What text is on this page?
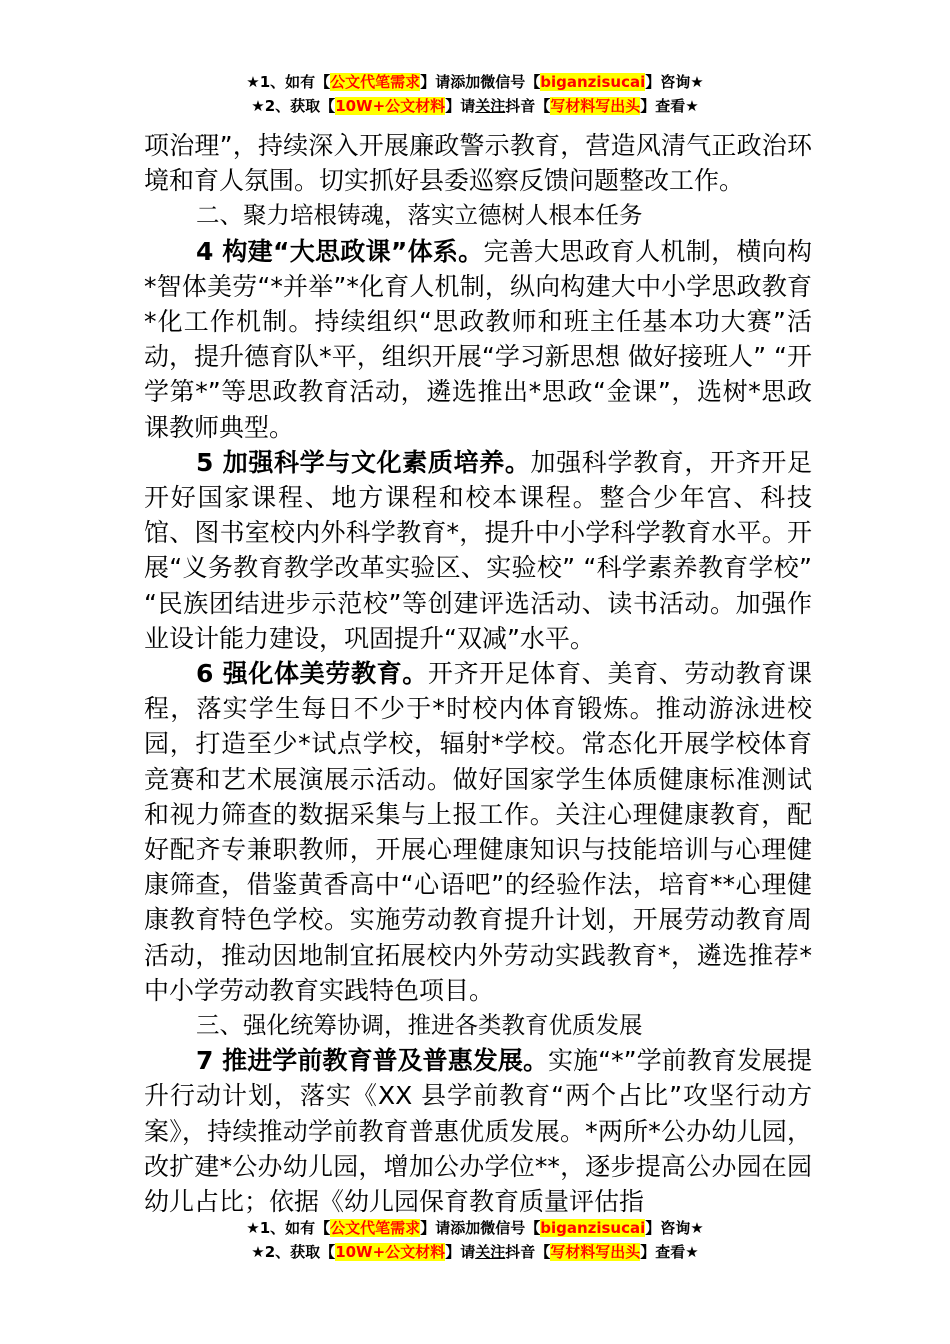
★1、如有【公文代笔需求】请添加微信号【biganzisucai】咨询★
★2、获取【10W+公文材料】请关注抖音【写材料写出头】查看★

项治理”，持续深入开展廉政警示教育，营造风清气正政治环境和育人氛围。切实抓好县委巡察反馈问题整改工作。

二、聚力培根铸魂，落实立德树人根本任务

4 构建“大思政课”体系。完善大思政育人机制，横向构*智体美劳“*并举”*化育人机制，纵向构建大中小学思政教育*化工作机制。持续组织“思政教师和班主任基本功大赛”活动，提升德育队*平，组织开展“学习新思想 做好接班人” “开学第*”等思政教育活动，遴选推出*思政“金课”，选树*思政课教师典型。

5 加强科学与文化素质培养。加强科学教育，开齐开足开好国家课程、地方课程和校本课程。整合少年宫、科技馆、图书室校内外科学教育*，提升中小学科学教育水平。开展“义务教育教学改革实验区、实验校” “科学素养教育学校” “民族团结进步示范校”等创建评选活动、读书活动。加强作业设计能力建设，巩固提升“双减”水平。

6 强化体美劳教育。开齐开足体育、美育、劳动教育课程，落实学生每日不少于*时校内体育锻炼。推动游泳进校园，打造至少*试点学校，辐射*学校。常态化开展学校体育竞赛和艺术展演展示活动。做好国家学生体质健康标准测试和视力筛查的数据采集与上报工作。关注心理健康教育，配好配齐专兼职教师，开展心理健康知识与技能培训与心理健康筛查，借鉴黄香高中“心语吧”的经验作法，培育**心理健康教育特色学校。实施劳动教育提升计划，开展劳动教育周活动，推动因地制宜拓展校内外劳动实践教育*，遴选推荐*中小学劳动教育实践特色项目。

三、强化统筹协调，推进各类教育优质发展

7 推进学前教育普及普惠发展。实施“*”学前教育发展提升行动计划，落实《XX 县学前教育“两个占比”攻坚行动方案》，持续推动学前教育普惠优质发展。*两所*公办幼儿园，改扩建*公办幼儿园，增加公办学位**，逐步提高公办园在园幼儿占比；依据《幼儿园保育教育质量评估指

★1、如有【公文代笔需求】请添加微信号【biganzisucai】咨询★
★2、获取【10W+公文材料】请关注抖音【写材料写出头】查看★
